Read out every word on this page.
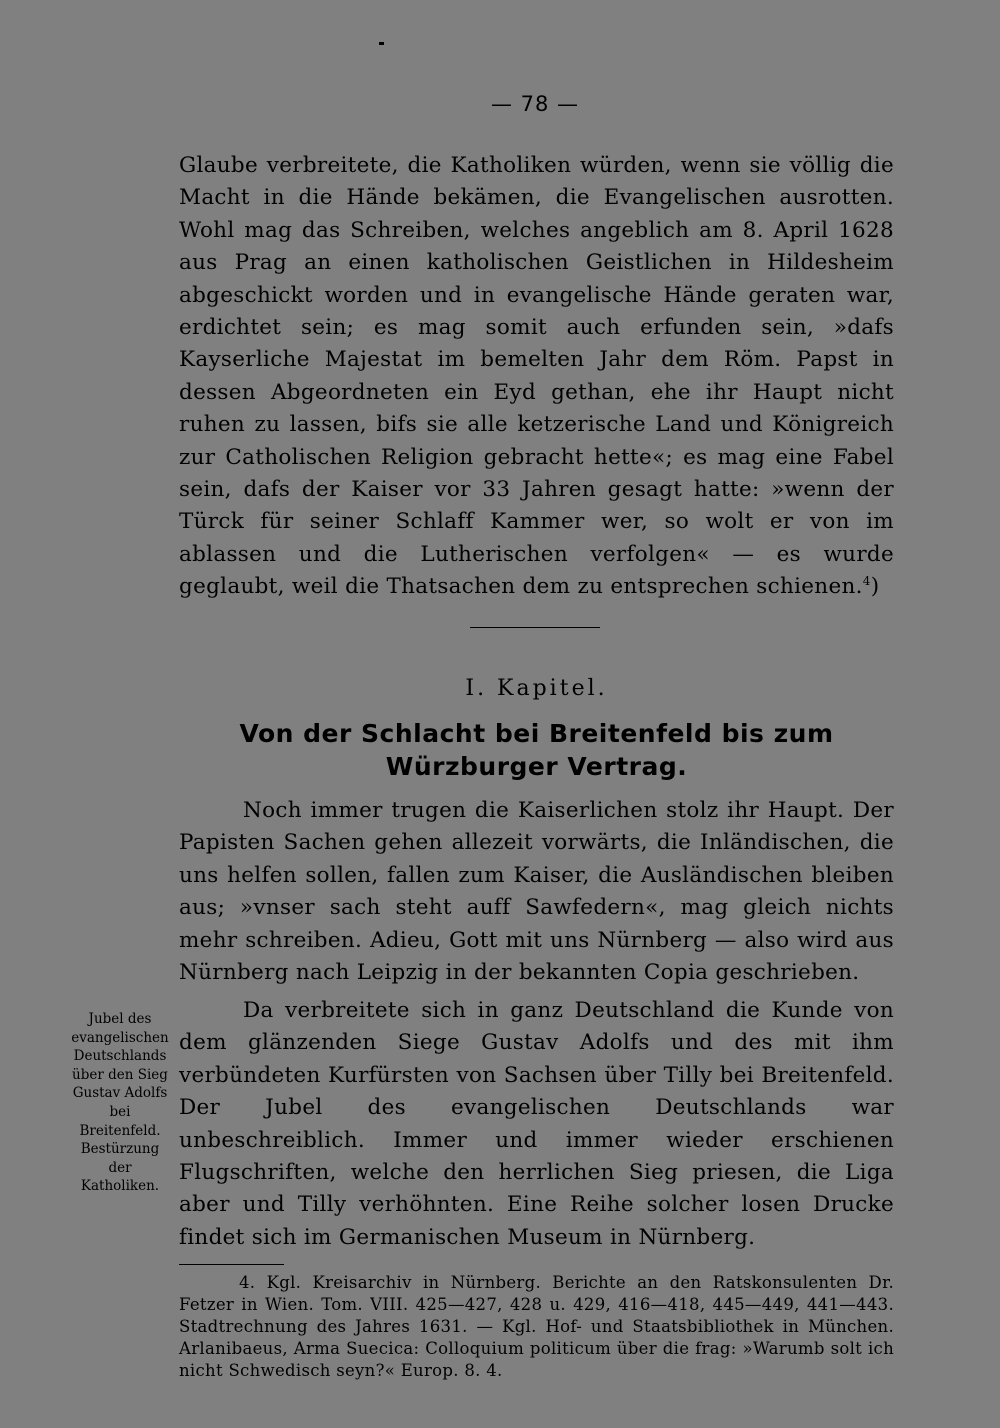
— 78 —

Glaube verbreitete, die Katholiken würden, wenn sie völlig die Macht in die Hände bekämen, die Evangelischen ausrotten. Wohl mag das Schreiben, welches angeblich am 8. April 1628 aus Prag an einen katholischen Geistlichen in Hildesheim abgeschickt worden und in evangelische Hände geraten war, erdichtet sein; es mag somit auch erfunden sein, »dafs Kayserliche Majestat im bemelten Jahr dem Röm. Papst in dessen Abgeordneten ein Eyd gethan, ehe ihr Haupt nicht ruhen zu lassen, bifs sie alle ketzerische Land und Königreich zur Catholischen Religion gebracht hette«; es mag eine Fabel sein, dafs der Kaiser vor 33 Jahren gesagt hatte: »wenn der Türck für seiner Schlaff Kammer wer, so wolt er von im ablassen und die Lutherischen verfolgen« — es wurde geglaubt, weil die Thatsachen dem zu entsprechen schienen.$^4$)

I. Kapitel.
Von der Schlacht bei Breitenfeld bis zum
Würzburger Vertrag.

Noch immer trugen die Kaiserlichen stolz ihr Haupt. Der Papisten Sachen gehen allezeit vorwärts, die Inländischen, die uns helfen sollen, fallen zum Kaiser, die Ausländischen bleiben aus; »vnser sach steht auff Sawfedern«, mag gleich nichts mehr schreiben. Adieu, Gott mit uns Nürnberg — also wird aus Nürnberg nach Leipzig in der bekannten Copia geschrieben.

Da verbreitete sich in ganz Deutschland die Kunde von dem glänzenden Siege Gustav Adolfs und des mit ihm verbündeten Kurfürsten von Sachsen über Tilly bei Breitenfeld. Der Jubel des evangelischen Deutschlands war unbeschreiblich. Immer und immer wieder erschienen Flugschriften, welche den herrlichen Sieg priesen, die Liga aber und Tilly verhöhnten. Eine Reihe solcher losen Drucke findet sich im Germanischen Museum in Nürnberg.

Jubel des
evangelischen
Deutschlands
über den Sieg
Gustav Adolfs
bei
Breitenfeld.
Bestürzung
der
Katholiken.

4. Kgl. Kreisarchiv in Nürnberg. Berichte an den Ratskonsulenten Dr. Fetzer in Wien. Tom. VIII. 425—427, 428 u. 429, 416—418, 445—449, 441—443. Stadtrechnung des Jahres 1631. — Kgl. Hof- und Staatsbibliothek in München. Arlanibaeus, Arma Suecica: Colloquium politicum über die frag: »Warumb solt ich nicht Schwedisch seyn?« Europ. 8. 4.
